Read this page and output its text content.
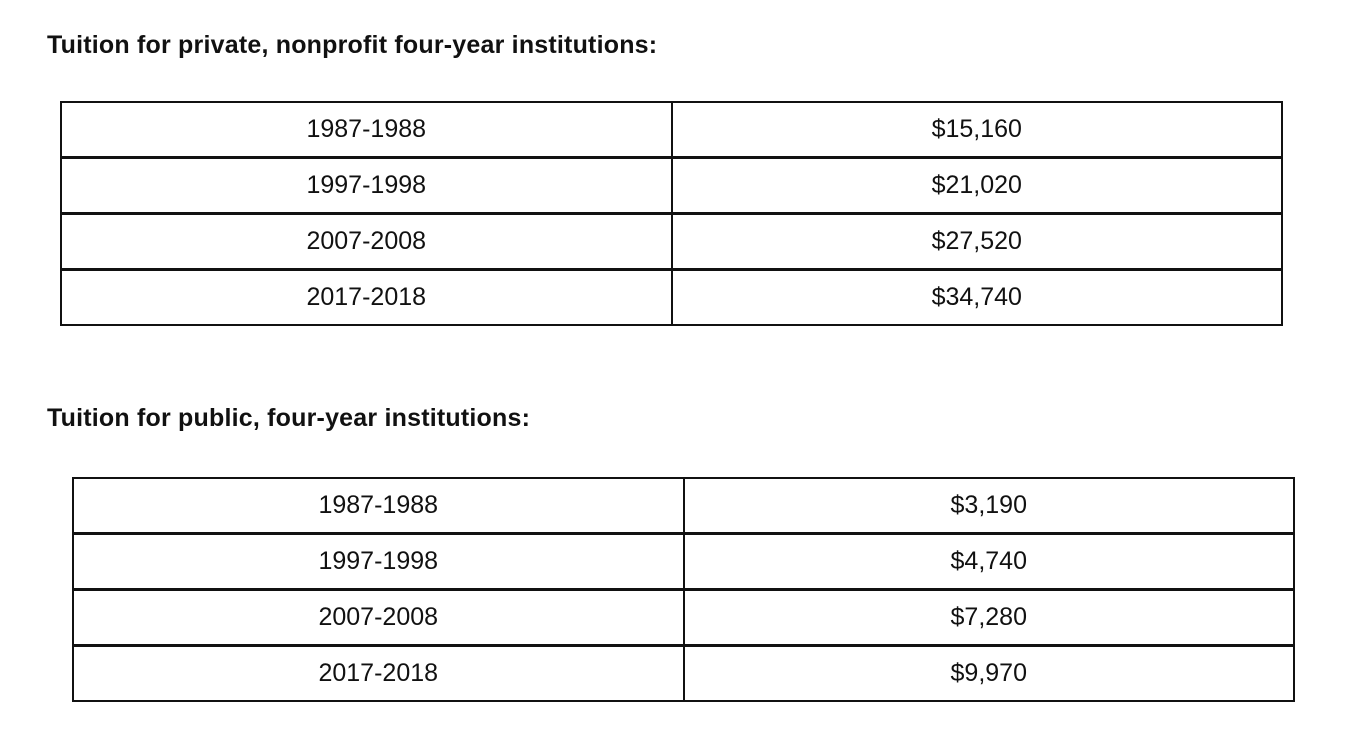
Tuition for private, nonprofit four-year institutions:
1987-1988	$15,160
1997-1998	$21,020
2007-2008	$27,520
2017-2018	$34,740
Tuition for public, four-year institutions:
1987-1988	$3,190
1997-1998	$4,740
2007-2008	$7,280
2017-2018	$9,970
